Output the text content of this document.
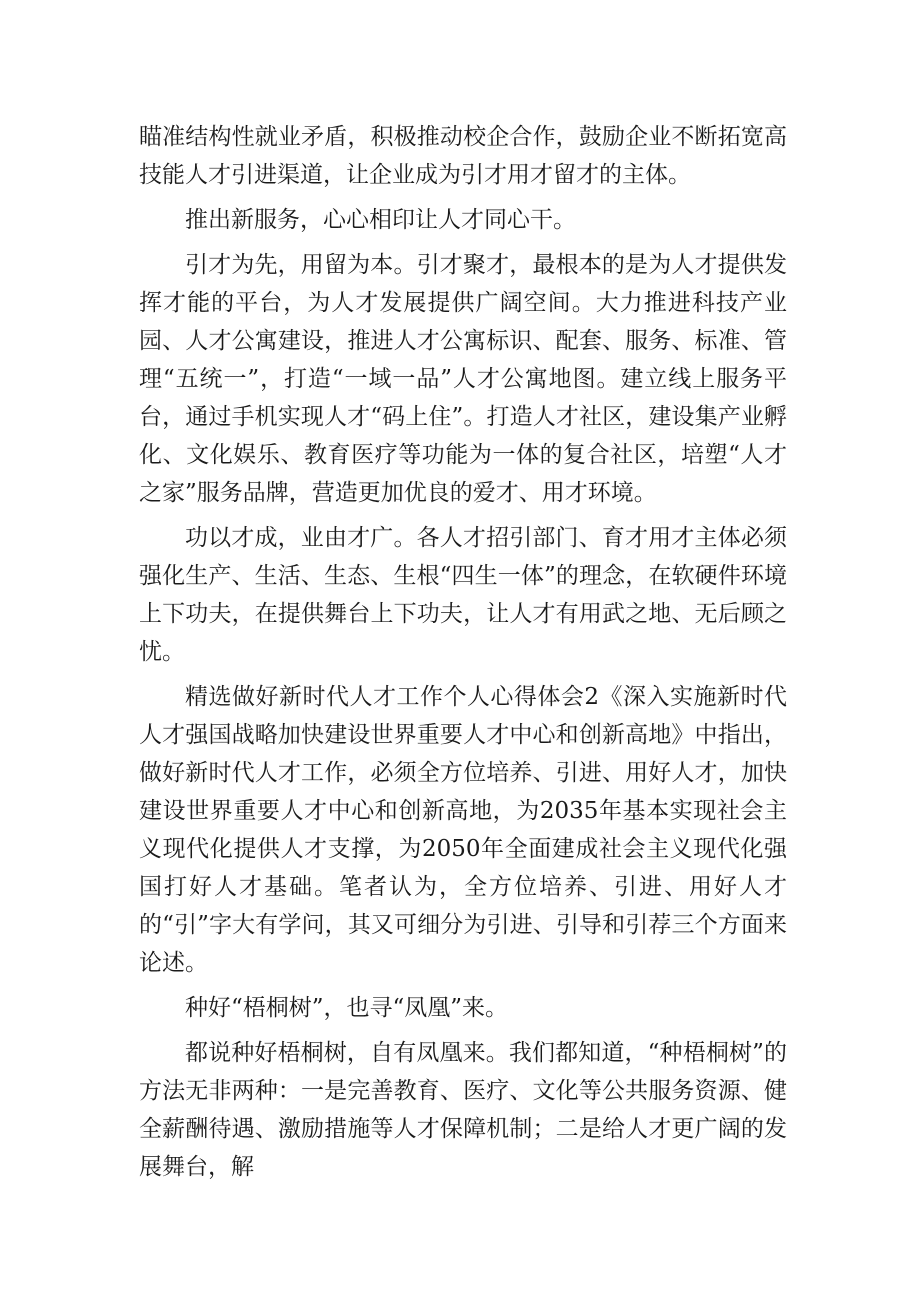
瞄准结构性就业矛盾，积极推动校企合作，鼓励企业不断拓宽高技能人才引进渠道，让企业成为引才用才留才的主体。

推出新服务，心心相印让人才同心干。

引才为先，用留为本。引才聚才，最根本的是为人才提供发挥才能的平台，为人才发展提供广阔空间。大力推进科技产业园、人才公寓建设，推进人才公寓标识、配套、服务、标准、管理“五统一”，打造“一域一品”人才公寓地图。建立线上服务平台，通过手机实现人才“码上住”。打造人才社区，建设集产业孵化、文化娱乐、教育医疗等功能为一体的复合社区，培塑“人才之家”服务品牌，营造更加优良的爱才、用才环境。

功以才成，业由才广。各人才招引部门、育才用才主体必须强化生产、生活、生态、生根“四生一体”的理念，在软硬件环境上下功夫，在提供舞台上下功夫，让人才有用武之地、无后顾之忧。

精选做好新时代人才工作个人心得体会2《深入实施新时代人才强国战略加快建设世界重要人才中心和创新高地》中指出，做好新时代人才工作，必须全方位培养、引进、用好人才，加快建设世界重要人才中心和创新高地，为2035年基本实现社会主义现代化提供人才支撑，为2050年全面建成社会主义现代化强国打好人才基础。笔者认为，全方位培养、引进、用好人才的“引”字大有学问，其又可细分为引进、引导和引荐三个方面来论述。

种好“梧桐树”，也寻“凤凰”来。

都说种好梧桐树，自有凤凰来。我们都知道，“种梧桐树”的方法无非两种：一是完善教育、医疗、文化等公共服务资源、健全薪酬待遇、激励措施等人才保障机制；二是给人才更广阔的发展舞台，解
